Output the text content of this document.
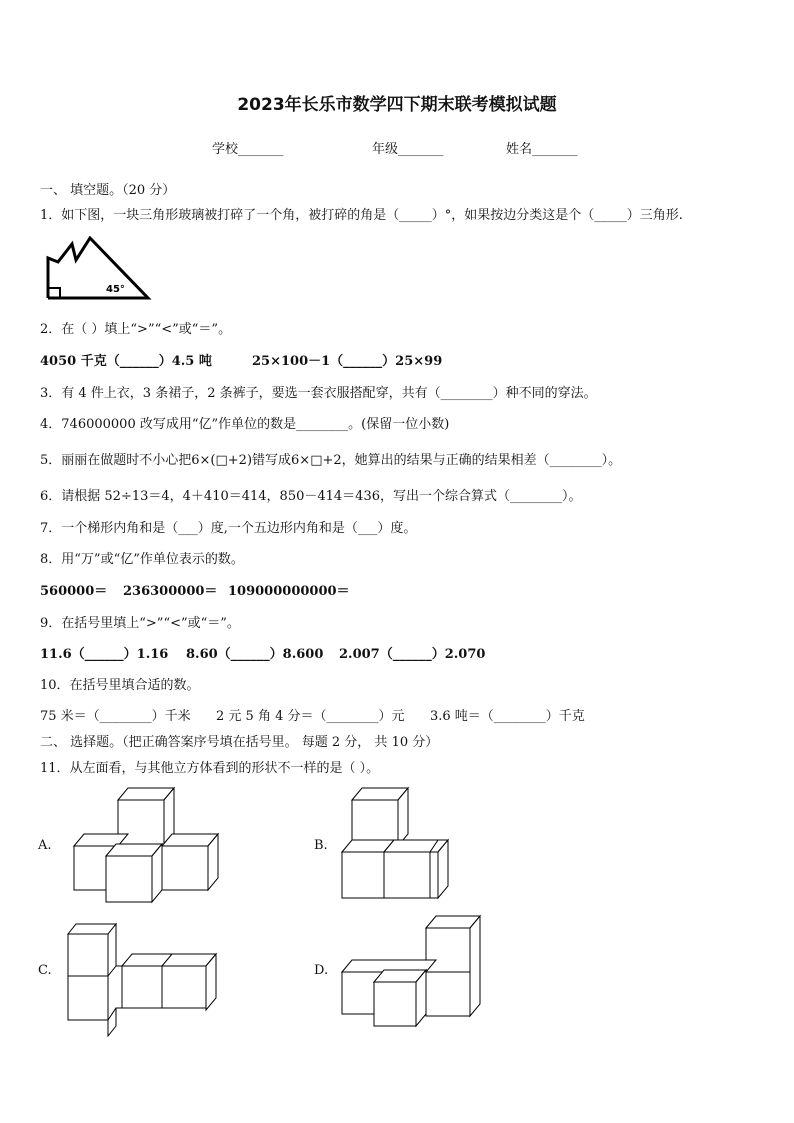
2023年长乐市数学四下期末联考模拟试题
学校_______	年级_______	姓名_______
一、 填空题。（20 分）
1．如下图，一块三角形玻璃被打碎了一个角，被打碎的角是（_____）°，如果按边分类这是个（_____）三角形.
45°
2．在（ ）填上“>”“<”或“＝”。
4050 千克（______）4.5 吨	25×100－1（______）25×99
3．有 4 件上衣，3 条裙子，2 条裤子，要选一套衣服搭配穿，共有（________）种不同的穿法。
4．746000000 改写成用“亿”作单位的数是________。(保留一位小数)
5．丽丽在做题时不小心把6×(□+2)错写成6×□+2，她算出的结果与正确的结果相差（________）。
6．请根据 52÷13＝4，4＋410＝414，850－414＝436，写出一个综合算式（________）。
7．一个梯形内角和是（___）度,一个五边形内角和是（___）度。
8．用“万”或“亿”作单位表示的数。
560000＝ 236300000＝ 109000000000＝
9．在括号里填上“>”“<”或“＝”。
11.6（______）1.16 8.60（______）8.600 2.007（______）2.070
10．在括号里填合适的数。
75 米＝（________）千米 2 元 5 角 4 分＝（________）元 3.6 吨＝（________）千克
二、 选择题。（把正确答案序号填在括号里。 每题 2 分， 共 10 分）
11．从左面看，与其他立方体看到的形状不一样的是（ ）。
A.	B.
C.	D.
